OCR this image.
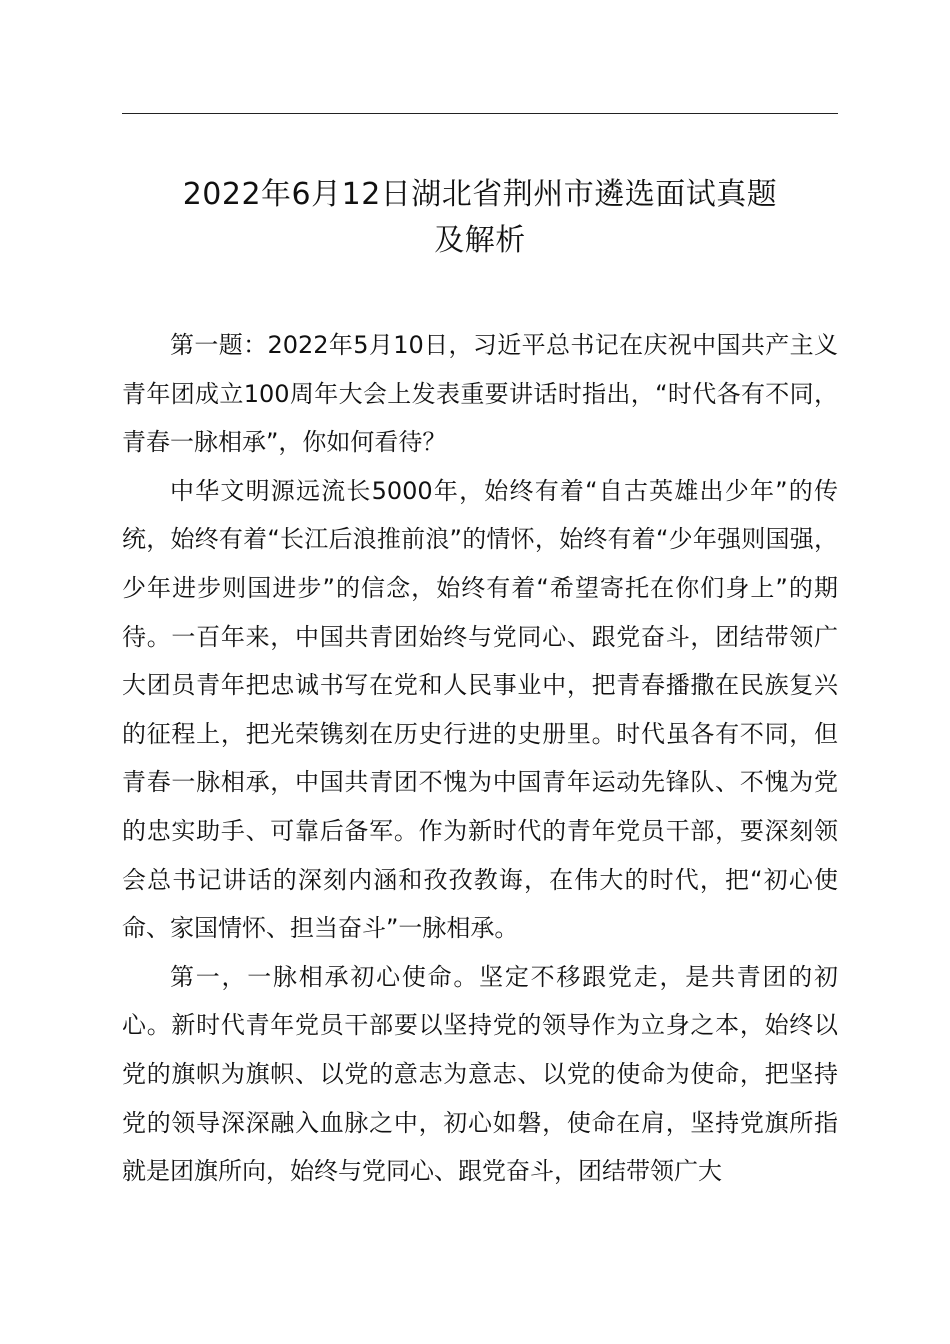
2022年6月12日湖北省荆州市遴选面试真题
及解析

第一题：2022年5月10日，习近平总书记在庆祝中国共产主义青年团成立100周年大会上发表重要讲话时指出，“时代各有不同，青春一脉相承”，你如何看待？

中华文明源远流长5000年，始终有着“自古英雄出少年”的传统，始终有着“长江后浪推前浪”的情怀，始终有着“少年强则国强，少年进步则国进步”的信念，始终有着“希望寄托在你们身上”的期待。一百年来，中国共青团始终与党同心、跟党奋斗，团结带领广大团员青年把忠诚书写在党和人民事业中，把青春播撒在民族复兴的征程上，把光荣镌刻在历史行进的史册里。时代虽各有不同，但青春一脉相承，中国共青团不愧为中国青年运动先锋队、不愧为党的忠实助手、可靠后备军。作为新时代的青年党员干部，要深刻领会总书记讲话的深刻内涵和孜孜教诲，在伟大的时代，把“初心使命、家国情怀、担当奋斗”一脉相承。

第一，一脉相承初心使命。坚定不移跟党走，是共青团的初心。新时代青年党员干部要以坚持党的领导作为立身之本，始终以党的旗帜为旗帜、以党的意志为意志、以党的使命为使命，把坚持党的领导深深融入血脉之中，初心如磐，使命在肩，坚持党旗所指就是团旗所向，始终与党同心、跟党奋斗，团结带领广大
